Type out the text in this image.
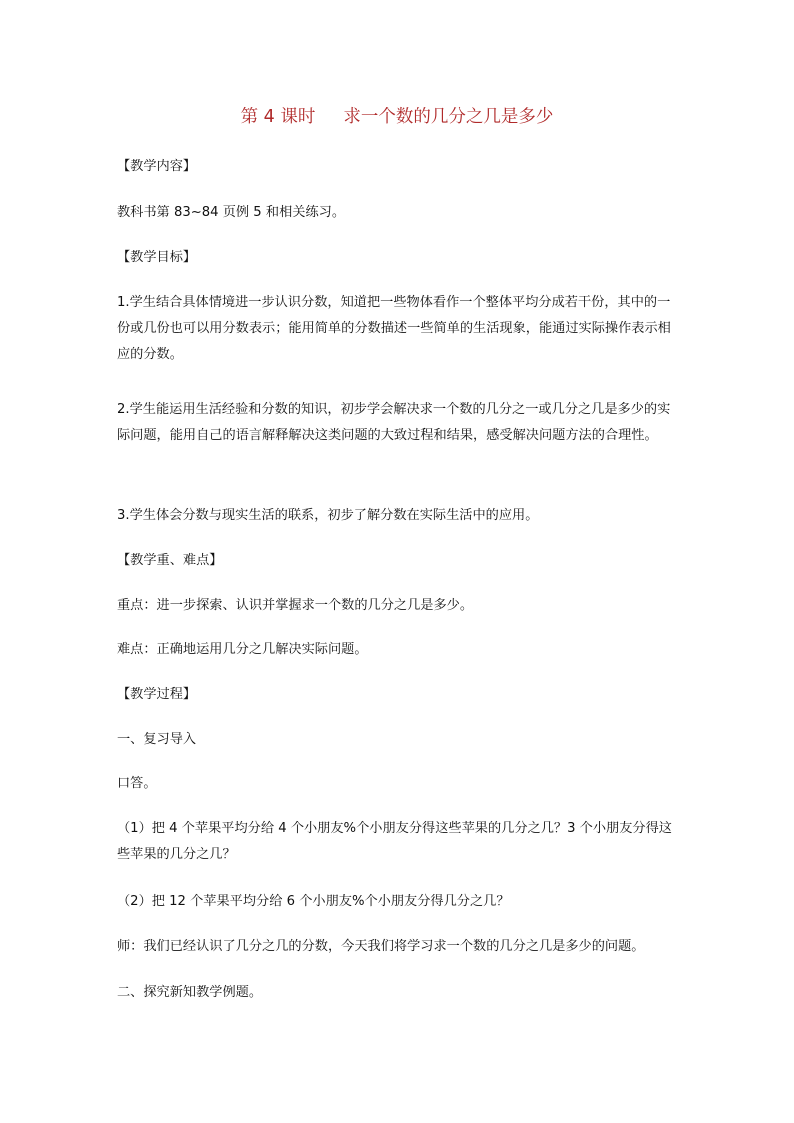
第 4 课时 求一个数的几分之几是多少
【教学内容】
教科书第 83~84 页例 5 和相关练习。
【教学目标】
1.学生结合具体情境进一步认识分数，知道把一些物体看作一个整体平均分成若干份，其中的一份或几份也可以用分数表示；能用简单的分数描述一些简单的生活现象，能通过实际操作表示相应的分数。
2.学生能运用生活经验和分数的知识，初步学会解决求一个数的几分之一或几分之几是多少的实际问题，能用自己的语言解释解决这类问题的大致过程和结果，感受解决问题方法的合理性。
3.学生体会分数与现实生活的联系，初步了解分数在实际生活中的应用。
【教学重、难点】
重点：进一步探索、认识并掌握求一个数的几分之几是多少。
难点：正确地运用几分之几解决实际问题。
【教学过程】
一、复习导入
口答。
（1）把 4 个苹果平均分给 4 个小朋友%个小朋友分得这些苹果的几分之几？3 个小朋友分得这些苹果的几分之几？
（2）把 12 个苹果平均分给 6 个小朋友%个小朋友分得几分之几？
师：我们已经认识了几分之几的分数，今天我们将学习求一个数的几分之几是多少的问题。
二、探究新知教学例题。
